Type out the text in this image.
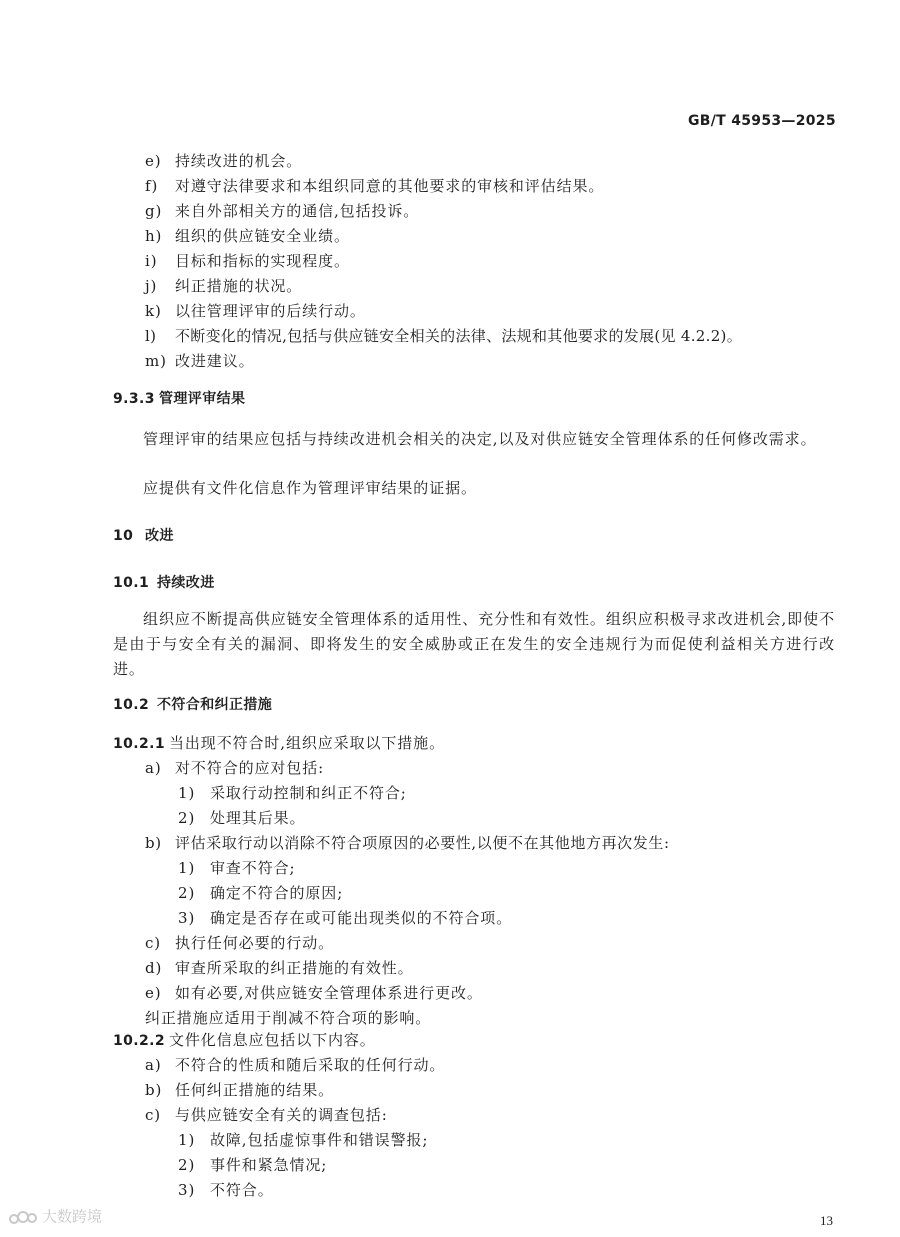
GB/T 45953—2025
e) 持续改进的机会。
f) 对遵守法律要求和本组织同意的其他要求的审核和评估结果。
g) 来自外部相关方的通信,包括投诉。
h) 组织的供应链安全业绩。
i) 目标和指标的实现程度。
j) 纠正措施的状况。
k) 以往管理评审的后续行动。
l) 不断变化的情况,包括与供应链安全相关的法律、法规和其他要求的发展(见 4.2.2)。
m) 改进建议。
9.3.3 管理评审结果
管理评审的结果应包括与持续改进机会相关的决定,以及对供应链安全管理体系的任何修改需求。
应提供有文件化信息作为管理评审结果的证据。
10 改进
10.1 持续改进
组织应不断提高供应链安全管理体系的适用性、充分性和有效性。组织应积极寻求改进机会,即使不是由于与安全有关的漏洞、即将发生的安全威胁或正在发生的安全违规行为而促使利益相关方进行改进。
10.2 不符合和纠正措施
10.2.1 当出现不符合时,组织应采取以下措施。
a) 对不符合的应对包括:
1) 采取行动控制和纠正不符合;
2) 处理其后果。
b) 评估采取行动以消除不符合项原因的必要性,以便不在其他地方再次发生:
1) 审查不符合;
2) 确定不符合的原因;
3) 确定是否存在或可能出现类似的不符合项。
c) 执行任何必要的行动。
d) 审查所采取的纠正措施的有效性。
e) 如有必要,对供应链安全管理体系进行更改。
纠正措施应适用于削减不符合项的影响。
10.2.2 文件化信息应包括以下内容。
a) 不符合的性质和随后采取的任何行动。
b) 任何纠正措施的结果。
c) 与供应链安全有关的调查包括:
1) 故障,包括虚惊事件和错误警报;
2) 事件和紧急情况;
3) 不符合。
大数跨境	13
